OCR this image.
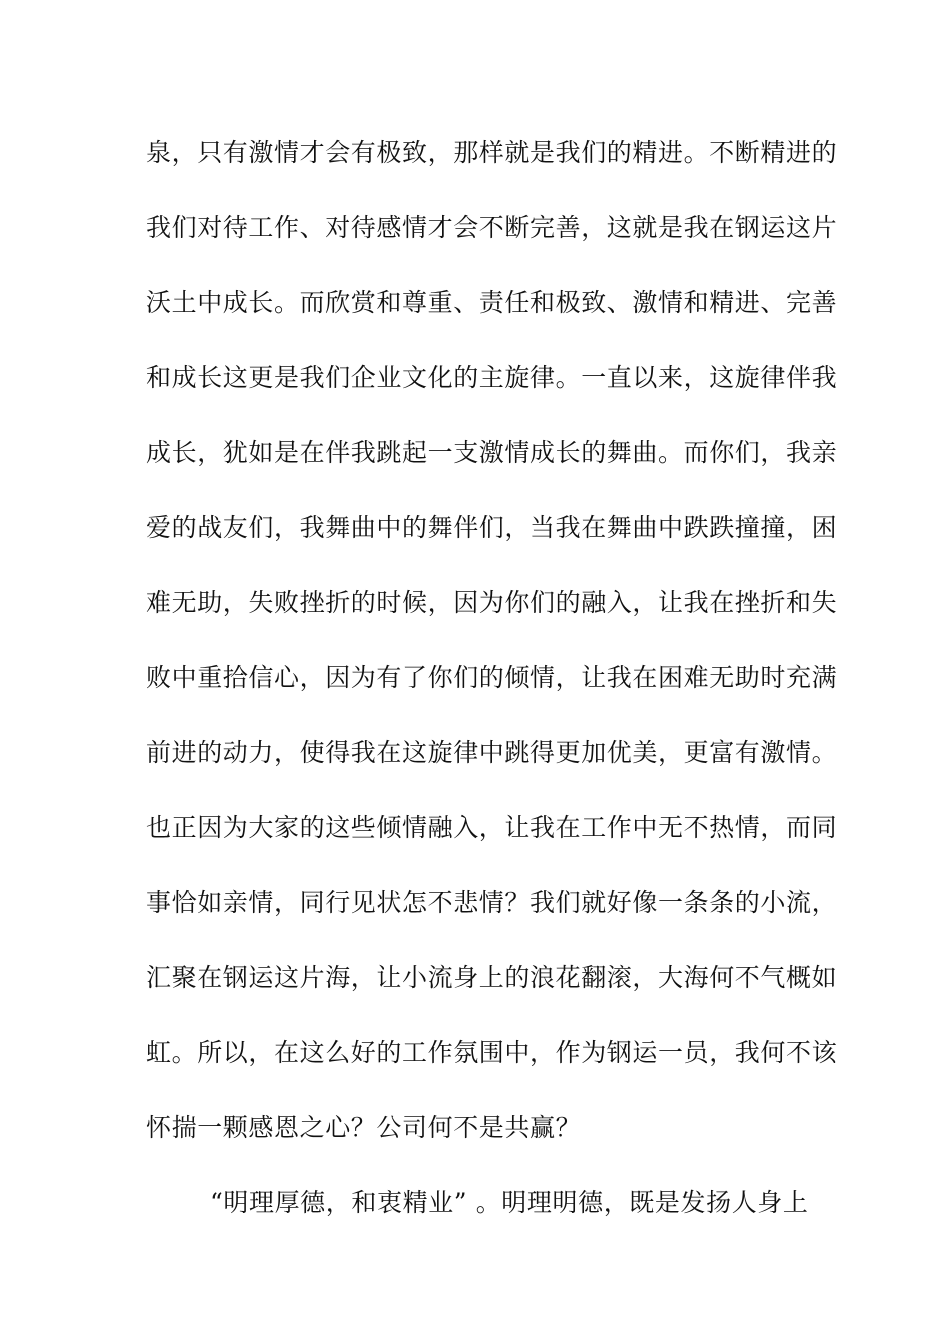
泉，只有激情才会有极致，那样就是我们的精进。不断精进的
我们对待工作、对待感情才会不断完善，这就是我在钢运这片
沃土中成长。而欣赏和尊重、责任和极致、激情和精进、完善
和成长这更是我们企业文化的主旋律。一直以来，这旋律伴我
成长，犹如是在伴我跳起一支激情成长的舞曲。而你们，我亲
爱的战友们，我舞曲中的舞伴们，当我在舞曲中跌跌撞撞，困
难无助，失败挫折的时候，因为你们的融入，让我在挫折和失
败中重拾信心，因为有了你们的倾情，让我在困难无助时充满
前进的动力，使得我在这旋律中跳得更加优美，更富有激情。
也正因为大家的这些倾情融入，让我在工作中无不热情，而同
事恰如亲情，同行见状怎不悲情？我们就好像一条条的小流，
汇聚在钢运这片海，让小流身上的浪花翻滚，大海何不气概如
虹。所以，在这么好的工作氛围中，作为钢运一员，我何不该
怀揣一颗感恩之心？公司何不是共赢？
“明理厚德，和衷精业” 。明理明德，既是发扬人身上
